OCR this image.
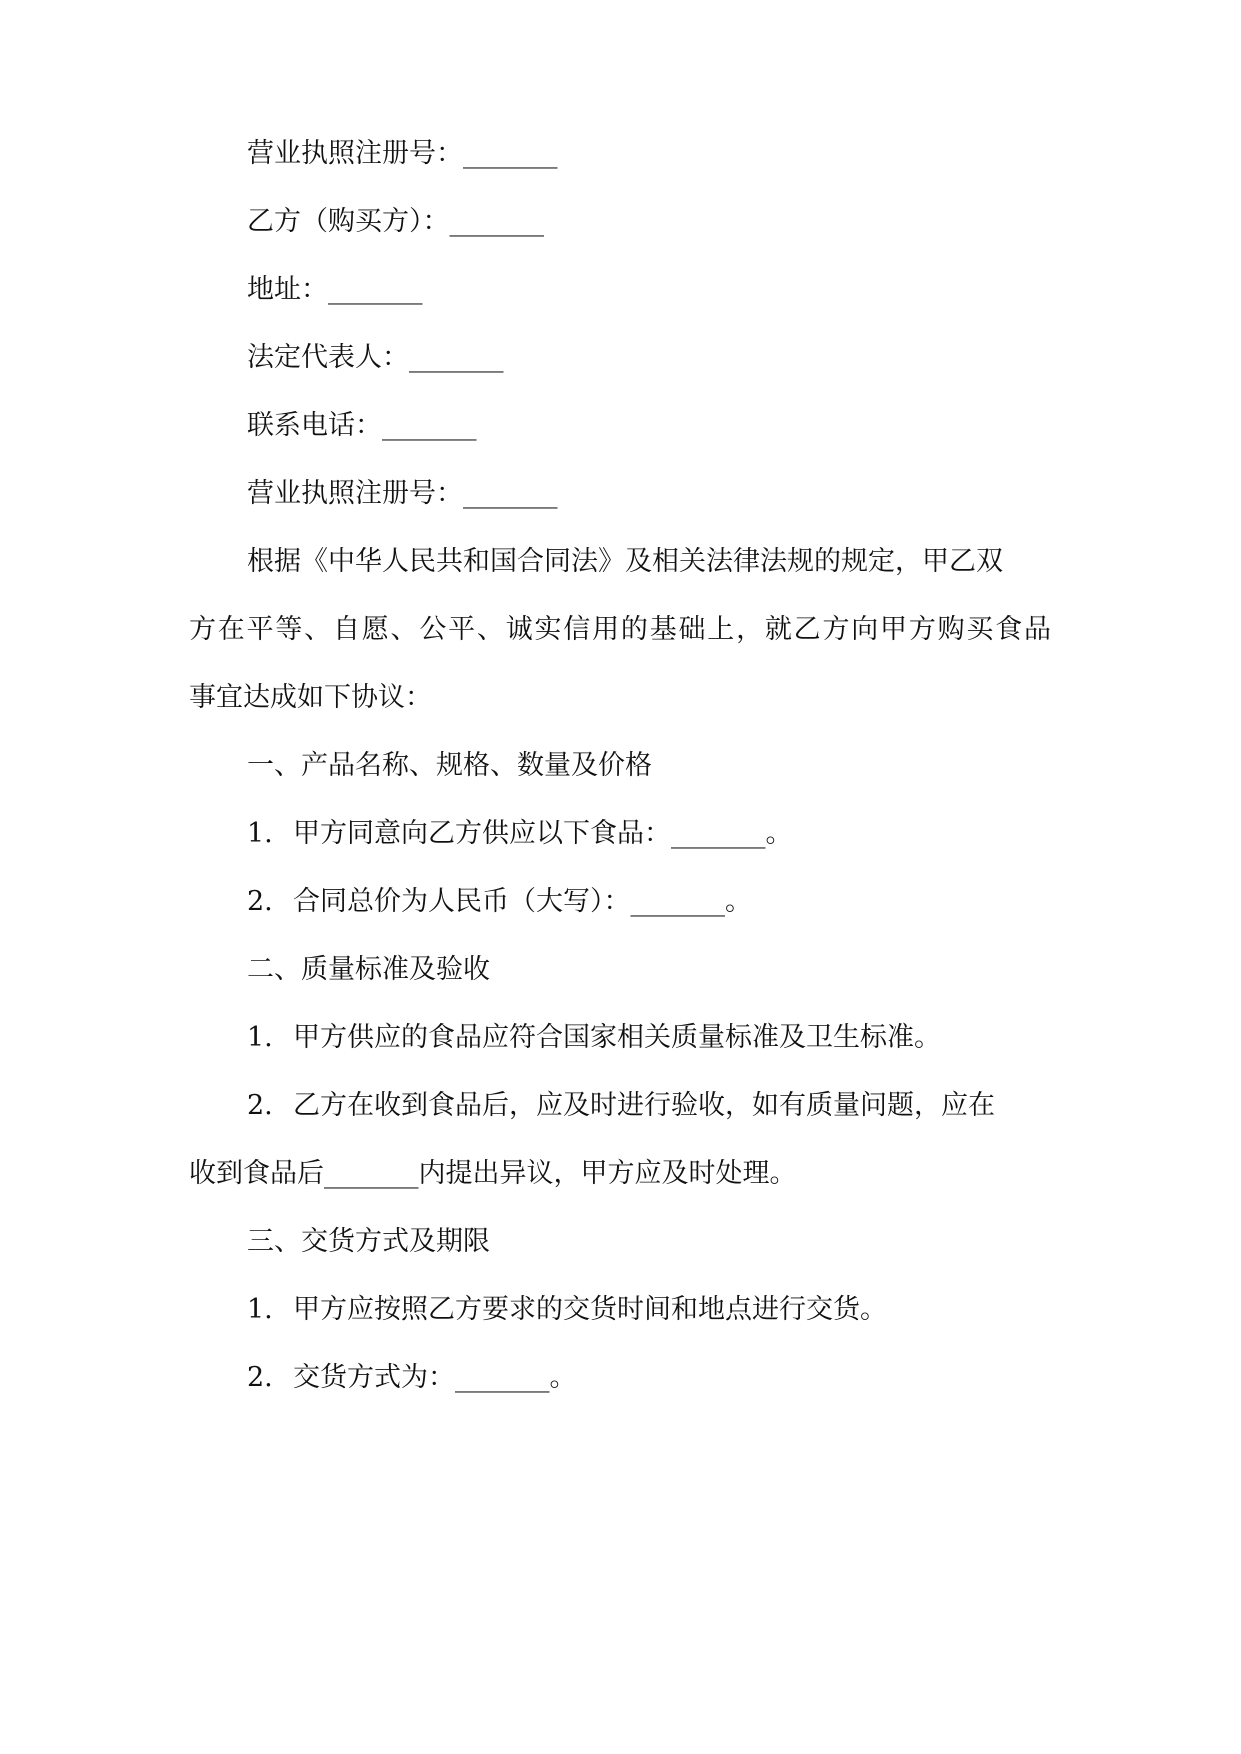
营业执照注册号：_______
乙方（购买方）：_______
地址：_______
法定代表人：_______
联系电话：_______
营业执照注册号：_______
根据《中华人民共和国合同法》及相关法律法规的规定，甲乙双
方在平等、自愿、公平、诚实信用的基础上，就乙方向甲方购买食品
事宜达成如下协议：
一、产品名称、规格、数量及价格
1. 甲方同意向乙方供应以下食品：_______。
2. 合同总价为人民币（大写）：_______。
二、质量标准及验收
1. 甲方供应的食品应符合国家相关质量标准及卫生标准。
2. 乙方在收到食品后，应及时进行验收，如有质量问题，应在
收到食品后_______内提出异议，甲方应及时处理。
三、交货方式及期限
1. 甲方应按照乙方要求的交货时间和地点进行交货。
2. 交货方式为：_______。
